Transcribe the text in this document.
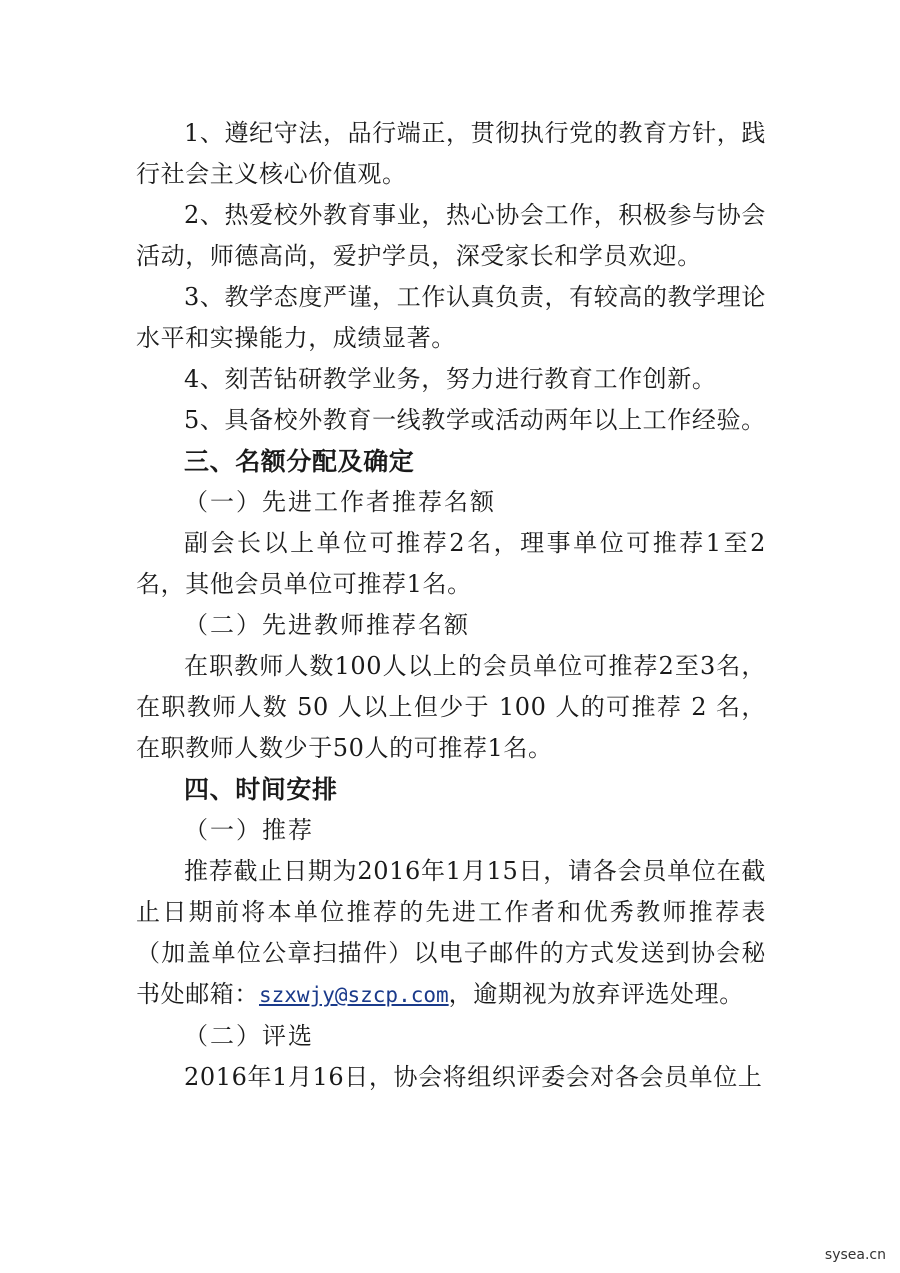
1、遵纪守法，品行端正，贯彻执行党的教育方针，践行社会主义核心价值观。

2、热爱校外教育事业，热心协会工作，积极参与协会活动，师德高尚，爱护学员，深受家长和学员欢迎。

3、教学态度严谨，工作认真负责，有较高的教学理论水平和实操能力，成绩显著。

4、刻苦钻研教学业务，努力进行教育工作创新。

5、具备校外教育一线教学或活动两年以上工作经验。

三、名额分配及确定

（一）先进工作者推荐名额

副会长以上单位可推荐2名，理事单位可推荐1至2名，其他会员单位可推荐1名。

（二）先进教师推荐名额

在职教师人数100人以上的会员单位可推荐2至3名，在职教师人数 50 人以上但少于 100 人的可推荐 2 名，在职教师人数少于50人的可推荐1名。

四、时间安排

（一）推荐

推荐截止日期为2016年1月15日，请各会员单位在截止日期前将本单位推荐的先进工作者和优秀教师推荐表（加盖单位公章扫描件）以电子邮件的方式发送到协会秘书处邮箱：szxwjy@szcp.com，逾期视为放弃评选处理。

（二）评选

2016年1月16日，协会将组织评委会对各会员单位上

sysea.cn
